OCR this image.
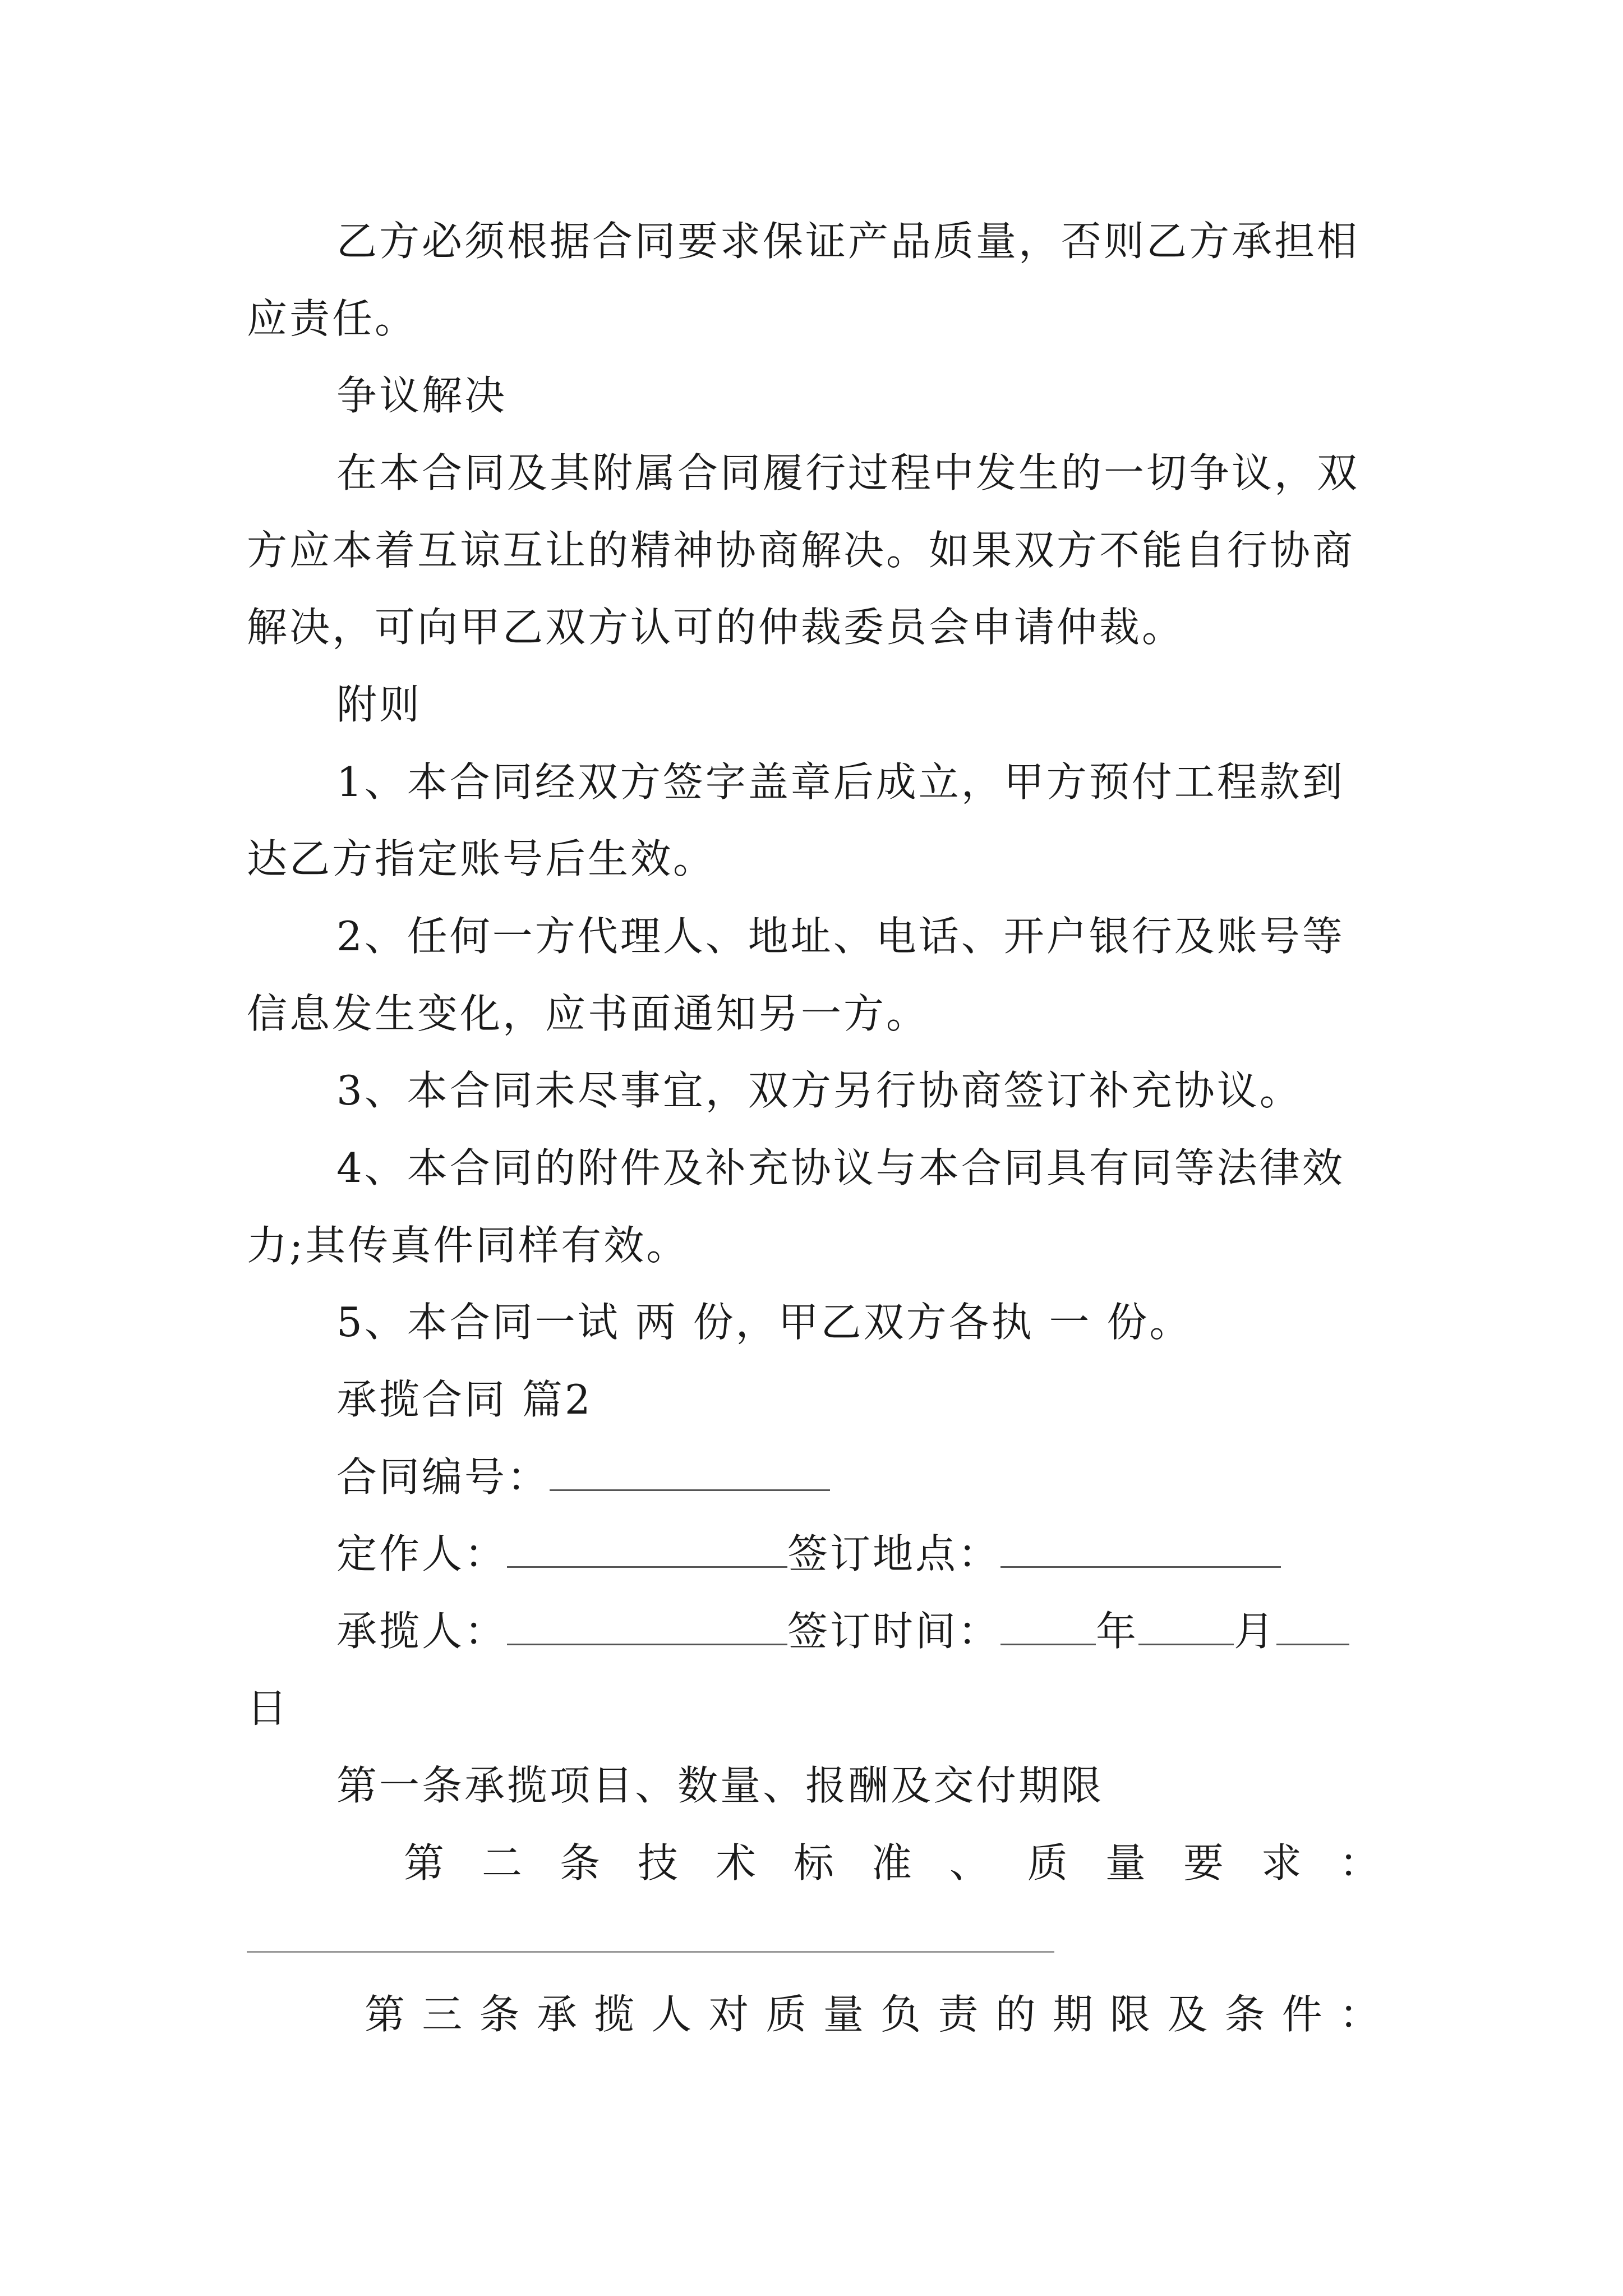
乙方必须根据合同要求保证产品质量，否则乙方承担相
应责任。
争议解决
在本合同及其附属合同履行过程中发生的一切争议，双
方应本着互谅互让的精神协商解决。如果双方不能自行协商
解决，可向甲乙双方认可的仲裁委员会申请仲裁。
附则
1、本合同经双方签字盖章后成立，甲方预付工程款到
达乙方指定账号后生效。
2、任何一方代理人、地址、电话、开户银行及账号等
信息发生变化，应书面通知另一方。
3、本合同未尽事宜，双方另行协商签订补充协议。
4、本合同的附件及补充协议与本合同具有同等法律效
力;其传真件同样有效。
5、本合同一试 两 份，甲乙双方各执 一 份。
承揽合同 篇2
合同编号：
定作人：	签订地点：
承揽人：	签订时间： 年 月
日
第一条承揽项目、数量、报酬及交付期限
第 二 条 技 术 标 准 、 质 量 要 求 ：
第 三 条 承 揽 人 对 质 量 负 责 的 期 限 及 条 件 ：
